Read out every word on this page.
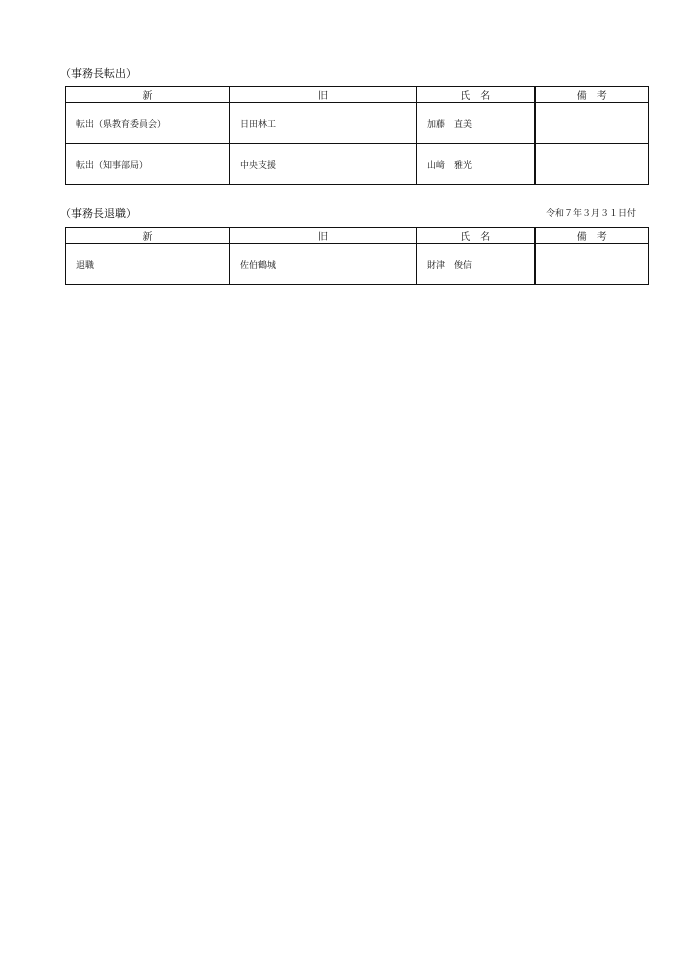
（事務長転出）
新	旧	氏　名	備　考
転出（県教育委員会）	日田林工	加藤　直美	
転出（知事部局）	中央支援	山﨑　雅光	
（事務長退職）	令和７年３月３１日付
新	旧	氏　名	備　考
退職	佐伯鶴城	財津　俊信	
